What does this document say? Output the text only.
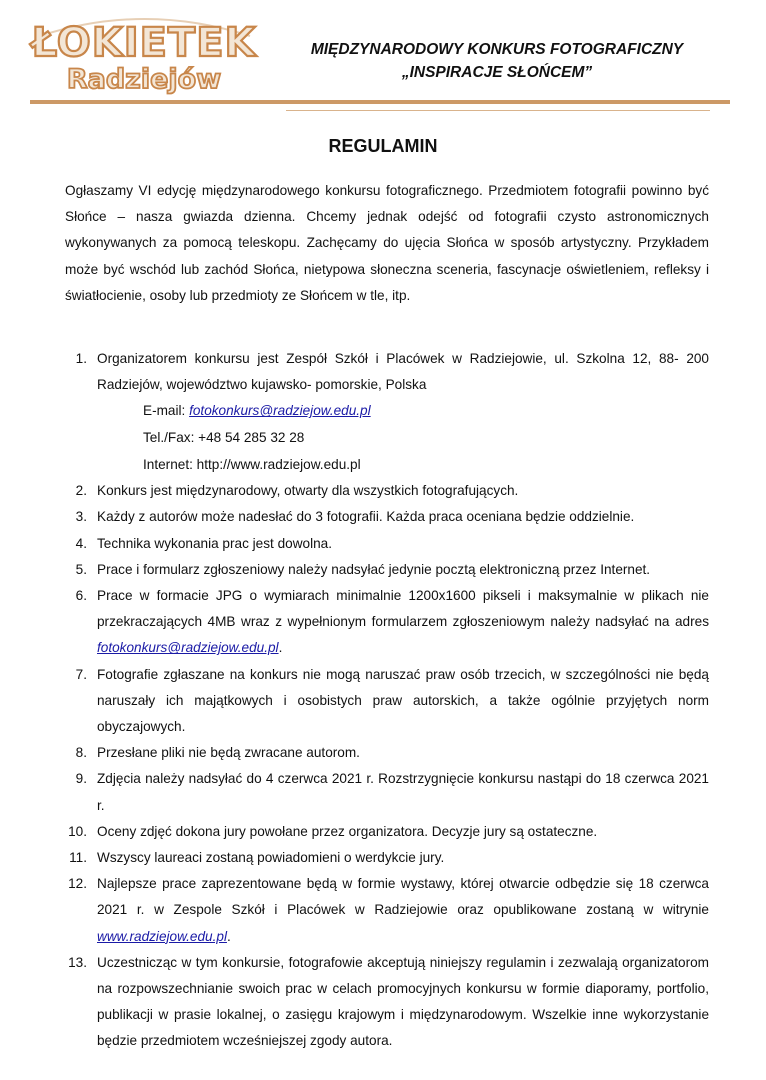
ŁOKIETEK
Radziejów
MIĘDZYNARODOWY KONKURS FOTOGRAFICZNY
„INSPIRACJE SŁOŃCEM”
REGULAMIN

Ogłaszamy VI edycję międzynarodowego konkursu fotograficznego. Przedmiotem fotografii powinno być Słońce – nasza gwiazda dzienna. Chcemy jednak odejść od fotografii czysto astronomicznych wykonywanych za pomocą teleskopu. Zachęcamy do ujęcia Słońca w sposób artystyczny. Przykładem może być wschód lub zachód Słońca, nietypowa słoneczna sceneria, fascynacje oświetleniem, refleksy i światłocienie, osoby lub przedmioty ze Słońcem w tle, itp.

1. Organizatorem konkursu jest Zespół Szkół i Placówek w Radziejowie, ul. Szkolna 12, 88- 200 Radziejów, województwo kujawsko- pomorskie, Polska
E-mail: fotokonkurs@radziejow.edu.pl
Tel./Fax: +48 54 285 32 28
Internet: http://www.radziejow.edu.pl
2. Konkurs jest międzynarodowy, otwarty dla wszystkich fotografujących.
3. Każdy z autorów może nadesłać do 3 fotografii. Każda praca oceniana będzie oddzielnie.
4. Technika wykonania prac jest dowolna.
5. Prace i formularz zgłoszeniowy należy nadsyłać jedynie pocztą elektroniczną przez Internet.
6. Prace w formacie JPG o wymiarach minimalnie 1200x1600 pikseli i maksymalnie w plikach nie przekraczających 4MB wraz z wypełnionym formularzem zgłoszeniowym należy nadsyłać na adres fotokonkurs@radziejow.edu.pl.
7. Fotografie zgłaszane na konkurs nie mogą naruszać praw osób trzecich, w szczególności nie będą naruszały ich majątkowych i osobistych praw autorskich, a także ogólnie przyjętych norm obyczajowych.
8. Przesłane pliki nie będą zwracane autorom.
9. Zdjęcia należy nadsyłać do 4 czerwca 2021 r. Rozstrzygnięcie konkursu nastąpi do 18 czerwca 2021 r.
10. Oceny zdjęć dokona jury powołane przez organizatora. Decyzje jury są ostateczne.
11. Wszyscy laureaci zostaną powiadomieni o werdykcie jury.
12. Najlepsze prace zaprezentowane będą w formie wystawy, której otwarcie odbędzie się 18 czerwca 2021 r. w Zespole Szkół i Placówek w Radziejowie oraz opublikowane zostaną w witrynie www.radziejow.edu.pl.
13. Uczestnicząc w tym konkursie, fotografowie akceptują niniejszy regulamin i zezwalają organizatorom na rozpowszechnianie swoich prac w celach promocyjnych konkursu w formie diaporamy, portfolio, publikacji w prasie lokalnej, o zasięgu krajowym i międzynarodowym. Wszelkie inne wykorzystanie będzie przedmiotem wcześniejszej zgody autora.
